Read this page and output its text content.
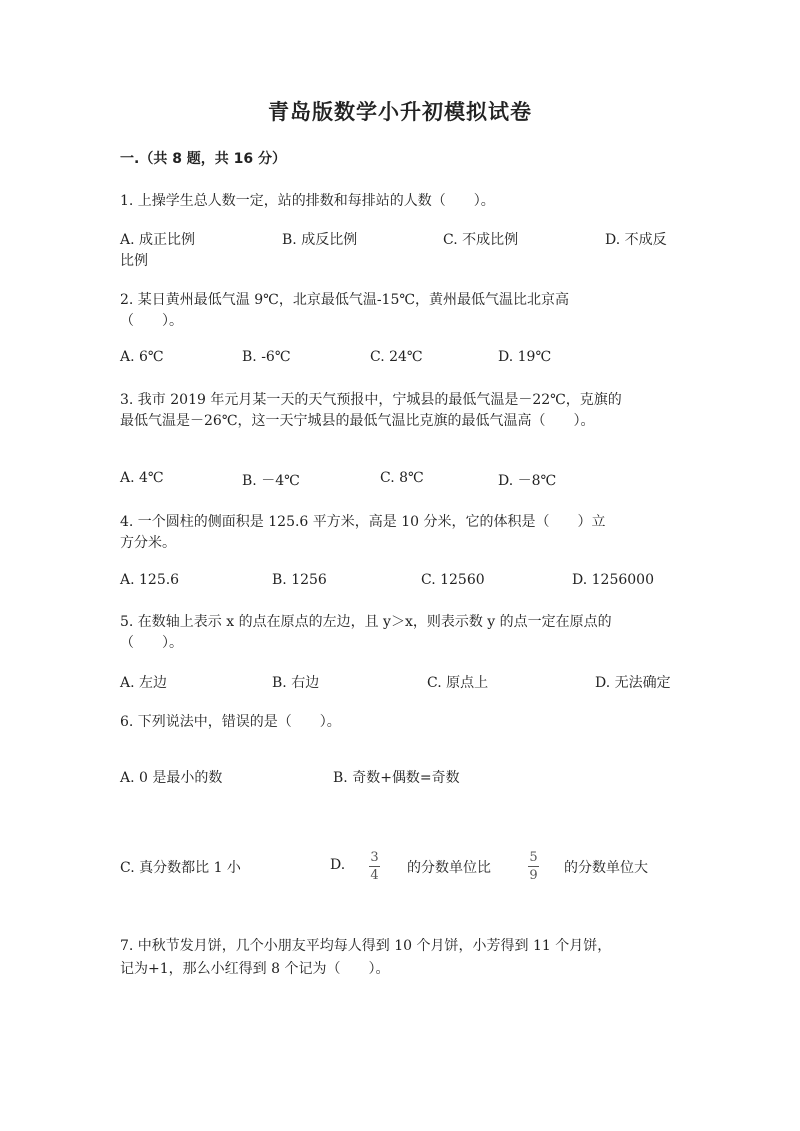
青岛版数学小升初模拟试卷
一.（共 8 题，共 16 分）
1. 上操学生总人数一定，站的排数和每排站的人数（　　）。
A. 成正比例	B. 成反比例	C. 不成比例	D. 不成反
比例
2. 某日黄州最低气温 9℃，北京最低气温-15℃，黄州最低气温比北京高
（　　）。
A. 6℃	B. -6℃	C. 24℃	D. 19℃
3. 我市 2019 年元月某一天的天气预报中，宁城县的最低气温是－22℃，克旗的
最低气温是－26℃，这一天宁城县的最低气温比克旗的最低气温高（　　）。
A. 4℃	B. －4℃	C. 8℃	D. －8℃
4. 一个圆柱的侧面积是 125.6 平方米，高是 10 分米，它的体积是（　　）立
方分米。
A. 125.6	B. 1256	C. 12560	D. 1256000
5. 在数轴上表示 x 的点在原点的左边，且 y＞x，则表示数 y 的点一定在原点的
（　　）。
A. 左边	B. 右边	C. 原点上	D. 无法确定
6. 下列说法中，错误的是（　　）。
A. 0 是最小的数	B. 奇数+偶数=奇数
C. 真分数都比 1 小	D. $\frac{3}{4}$ 的分数单位比	$\frac{5}{9}$ 的分数单位大
7. 中秋节发月饼，几个小朋友平均每人得到 10 个月饼，小芳得到 11 个月饼，
记为+1，那么小红得到 8 个记为（　　）。
